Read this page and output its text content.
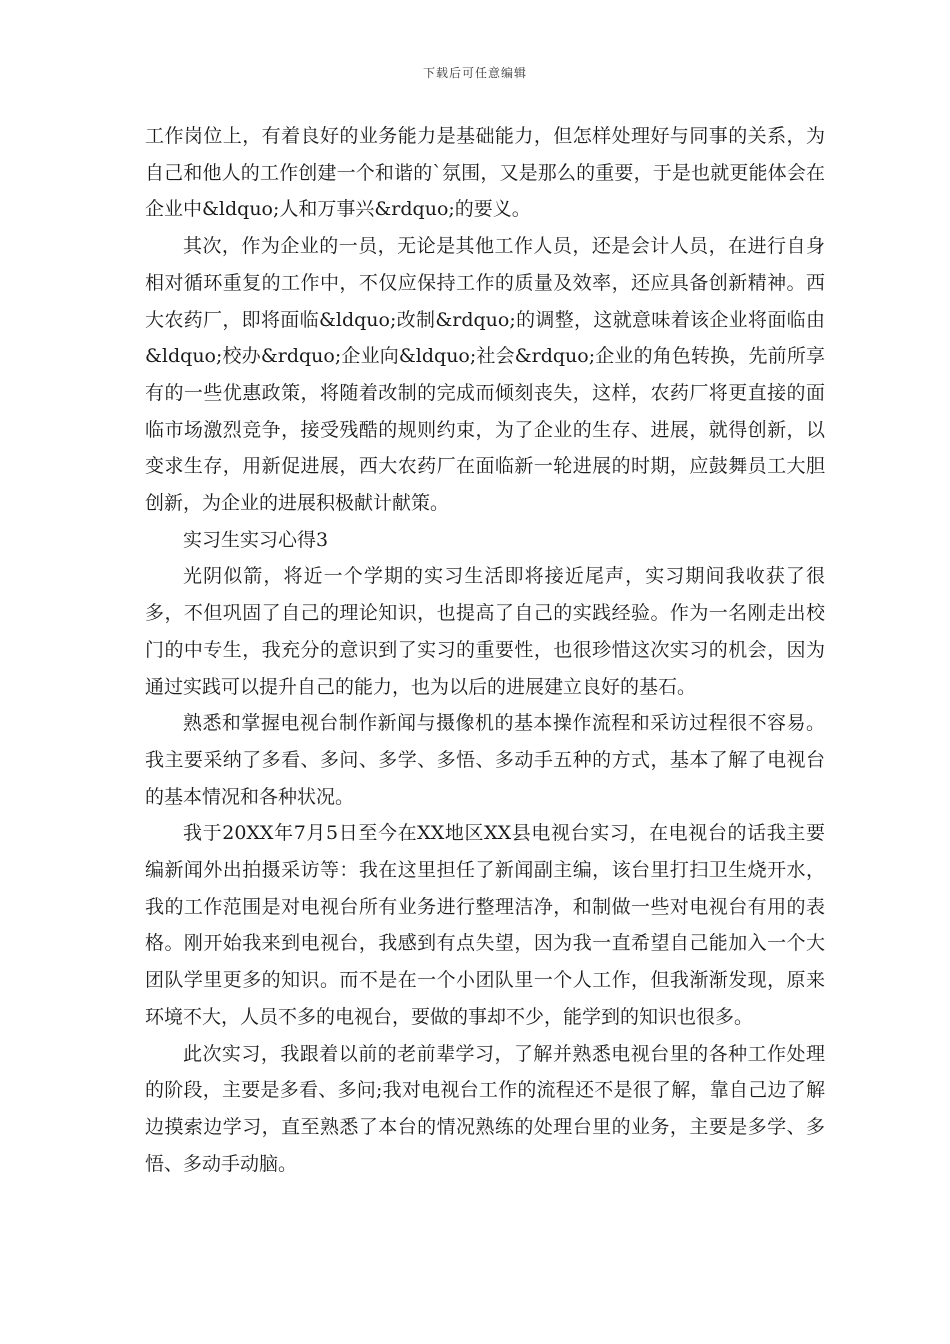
下载后可任意编辑

工作岗位上，有着良好的业务能力是基础能力，但怎样处理好与同事的关系，为自己和他人的工作创建一个和谐的`氛围，又是那么的重要，于是也就更能体会在企业中&ldquo;人和万事兴&rdquo;的要义。

其次，作为企业的一员，无论是其他工作人员，还是会计人员，在进行自身相对循环重复的工作中，不仅应保持工作的质量及效率，还应具备创新精神。西大农药厂，即将面临&ldquo;改制&rdquo;的调整，这就意味着该企业将面临由&ldquo;校办&rdquo;企业向&ldquo;社会&rdquo;企业的角色转换，先前所享有的一些优惠政策，将随着改制的完成而倾刻丧失，这样，农药厂将更直接的面临市场激烈竞争，接受残酷的规则约束，为了企业的生存、进展，就得创新，以变求生存，用新促进展，西大农药厂在面临新一轮进展的时期，应鼓舞员工大胆创新，为企业的进展积极献计献策。

实习生实习心得3

光阴似箭，将近一个学期的实习生活即将接近尾声，实习期间我收获了很多，不但巩固了自己的理论知识，也提高了自己的实践经验。作为一名刚走出校门的中专生，我充分的意识到了实习的重要性，也很珍惜这次实习的机会，因为通过实践可以提升自己的能力，也为以后的进展建立良好的基石。

熟悉和掌握电视台制作新闻与摄像机的基本操作流程和采访过程很不容易。我主要采纳了多看、多问、多学、多悟、多动手五种的方式，基本了解了电视台的基本情况和各种状况。

我于20XX年7月5日至今在XX地区XX县电视台实习，在电视台的话我主要编新闻外出拍摄采访等：我在这里担任了新闻副主编，该台里打扫卫生烧开水，我的工作范围是对电视台所有业务进行整理洁净，和制做一些对电视台有用的表格。刚开始我来到电视台，我感到有点失望，因为我一直希望自己能加入一个大团队学里更多的知识。而不是在一个小团队里一个人工作，但我渐渐发现，原来环境不大，人员不多的电视台，要做的事却不少，能学到的知识也很多。

此次实习，我跟着以前的老前辈学习，了解并熟悉电视台里的各种工作处理的阶段，主要是多看、多问;我对电视台工作的流程还不是很了解，靠自己边了解边摸索边学习，直至熟悉了本台的情况熟练的处理台里的业务，主要是多学、多悟、多动手动脑。
